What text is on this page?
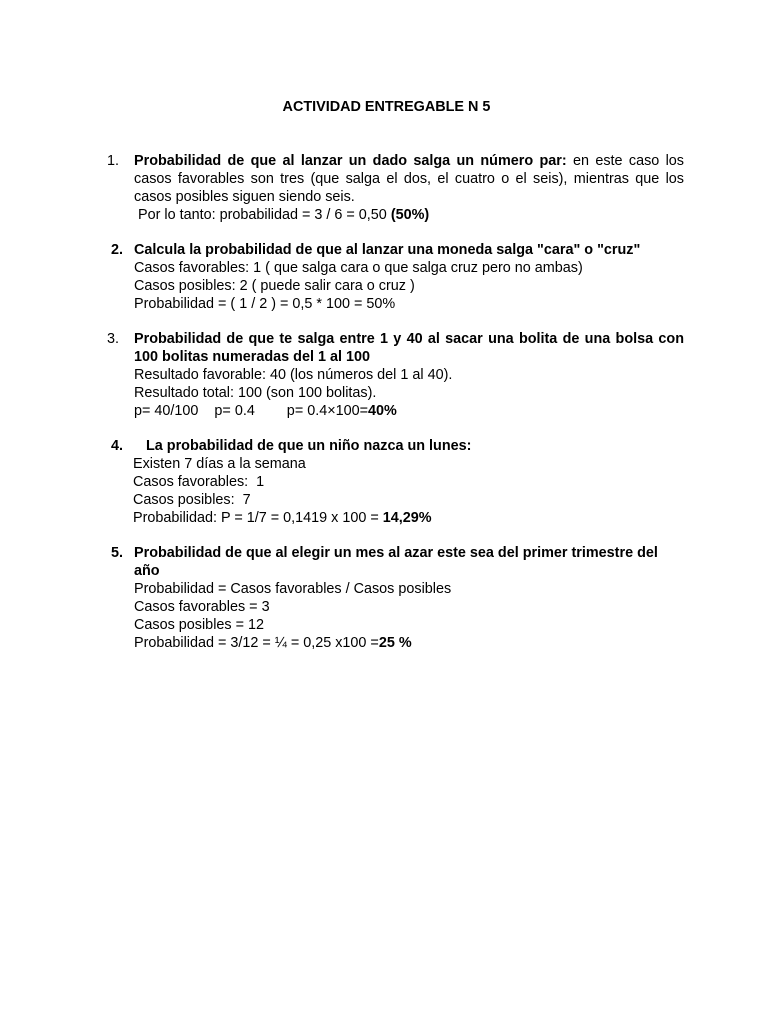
ACTIVIDAD ENTREGABLE N 5
1.	Probabilidad de que al lanzar un dado salga un número par: en este caso los casos favorables son tres (que salga el dos, el cuatro o el seis), mientras que los casos posibles siguen siendo seis.
Por lo tanto: probabilidad = 3 / 6 = 0,50 (50%)
2. Calcula la probabilidad de que al lanzar una moneda salga "cara" o "cruz"
Casos favorables: 1 ( que salga cara o que salga cruz pero no ambas)
Casos posibles: 2 ( puede salir cara o cruz )
Probabilidad = ( 1 / 2 ) = 0,5 * 100 = 50%
3.	Probabilidad de que te salga entre 1 y 40 al sacar una bolita de una bolsa con 100 bolitas numeradas del 1 al 100
Resultado favorable: 40 (los números del 1 al 40).
Resultado total: 100 (son 100 bolitas).
p= 40/100    p= 0.4        p= 0.4×100=40%
4.	La probabilidad de que un niño nazca un lunes:
Existen 7 días a la semana
Casos favorables:  1
Casos posibles:  7
Probabilidad: P = 1/7 = 0,1419 x 100 = 14,29%
5. Probabilidad de que al elegir un mes al azar este sea del primer trimestre del año
Probabilidad = Casos favorables / Casos posibles
Casos favorables = 3
Casos posibles = 12
Probabilidad = 3/12 = ¼ = 0,25 x100 =25 %
